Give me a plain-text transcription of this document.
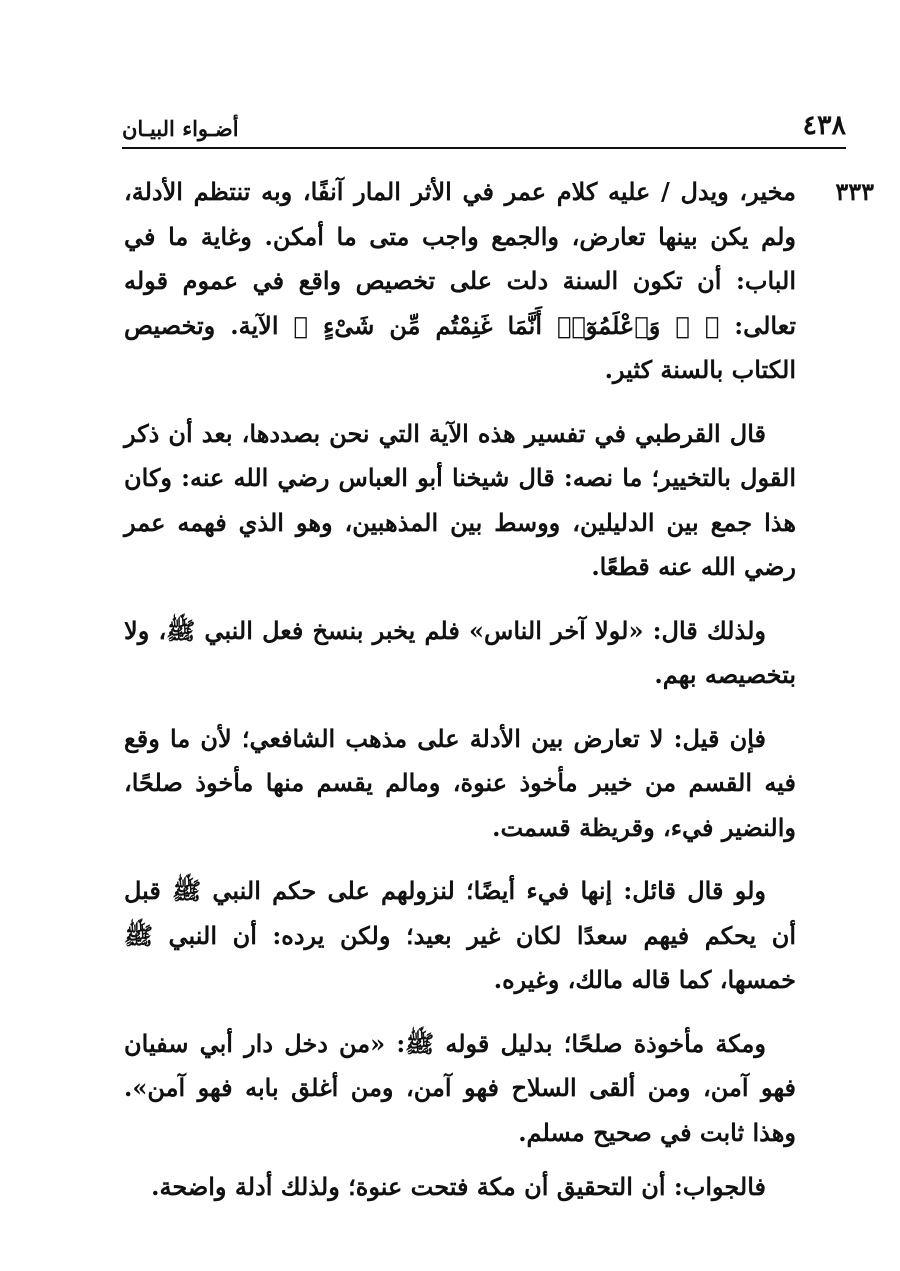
٤٣٨
أضـواء البيـان
٣٣٣

مخير، ويدل / عليه كلام عمر في الأثر المار آنفًا، وبه تنتظم الأدلة، ولم يكن بينها تعارض، والجمع واجب متى ما أمكن. وغاية ما في الباب: أن تكون السنة دلت على تخصيص واقع في عموم قوله تعالى: ﴿ ۞ وَٱعْلَمُوٓا۟ أَنَّمَا غَنِمْتُم مِّن شَىْءٍ ﴾ الآية. وتخصيص الكتاب بالسنة كثير.

قال القرطبي في تفسير هذه الآية التي نحن بصددها، بعد أن ذكر القول بالتخيير؛ ما نصه: قال شيخنا أبو العباس رضي الله عنه: وكان هذا جمع بين الدليلين، ووسط بين المذهبين، وهو الذي فهمه عمر رضي الله عنه قطعًا.

ولذلك قال: «لولا آخر الناس» فلم يخبر بنسخ فعل النبي ﷺ، ولا بتخصيصه بهم.

فإن قيل: لا تعارض بين الأدلة على مذهب الشافعي؛ لأن ما وقع فيه القسم من خيبر مأخوذ عنوة، ومالم يقسم منها مأخوذ صلحًا، والنضير فيء، وقريظة قسمت.

ولو قال قائل: إنها فيء أيضًا؛ لنزولهم على حكم النبي ﷺ قبل أن يحكم فيهم سعدًا لكان غير بعيد؛ ولكن يرده: أن النبي ﷺ خمسها، كما قاله مالك، وغيره.

ومكة مأخوذة صلحًا؛ بدليل قوله ﷺ: «من دخل دار أبي سفيان فهو آمن، ومن ألقى السلاح فهو آمن، ومن أغلق بابه فهو آمن». وهذا ثابت في صحيح مسلم.

فالجواب: أن التحقيق أن مكة فتحت عنوة؛ ولذلك أدلة واضحة.
